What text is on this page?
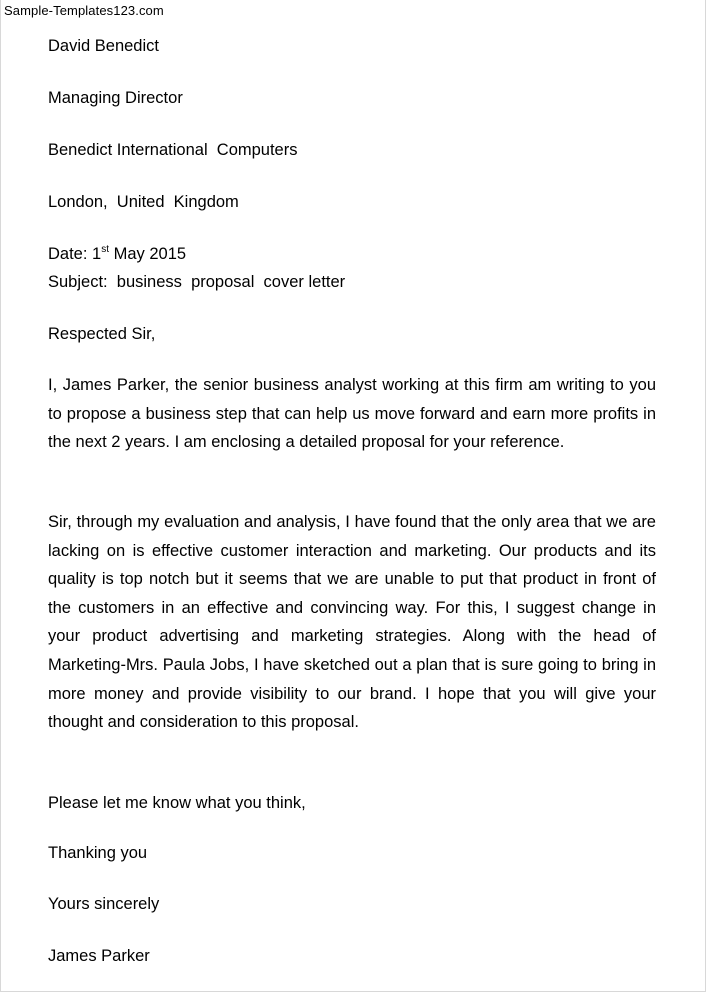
Sample-Templates123.com
David Benedict
Managing Director
Benedict International  Computers
London,  United  Kingdom
Date: 1st May 2015
Subject:  business  proposal  cover letter
Respected Sir,

I, James Parker, the senior business analyst working at this firm am writing to you to propose a business step that can help us move forward and earn more profits in the next 2 years. I am enclosing a detailed proposal for your reference.

Sir, through my evaluation and analysis, I have found that the only area that we are lacking on is effective customer interaction and marketing. Our products and its quality is top notch but it seems that we are unable to put that product in front of the customers in an effective and convincing way. For this, I suggest change in your product advertising and marketing strategies. Along with the head of Marketing-Mrs. Paula Jobs, I have sketched out a plan that is sure going to bring in more money and provide visibility to our brand. I hope that you will give your thought and consideration to this proposal.

Please let me know what you think,
Thanking you
Yours sincerely
James Parker
